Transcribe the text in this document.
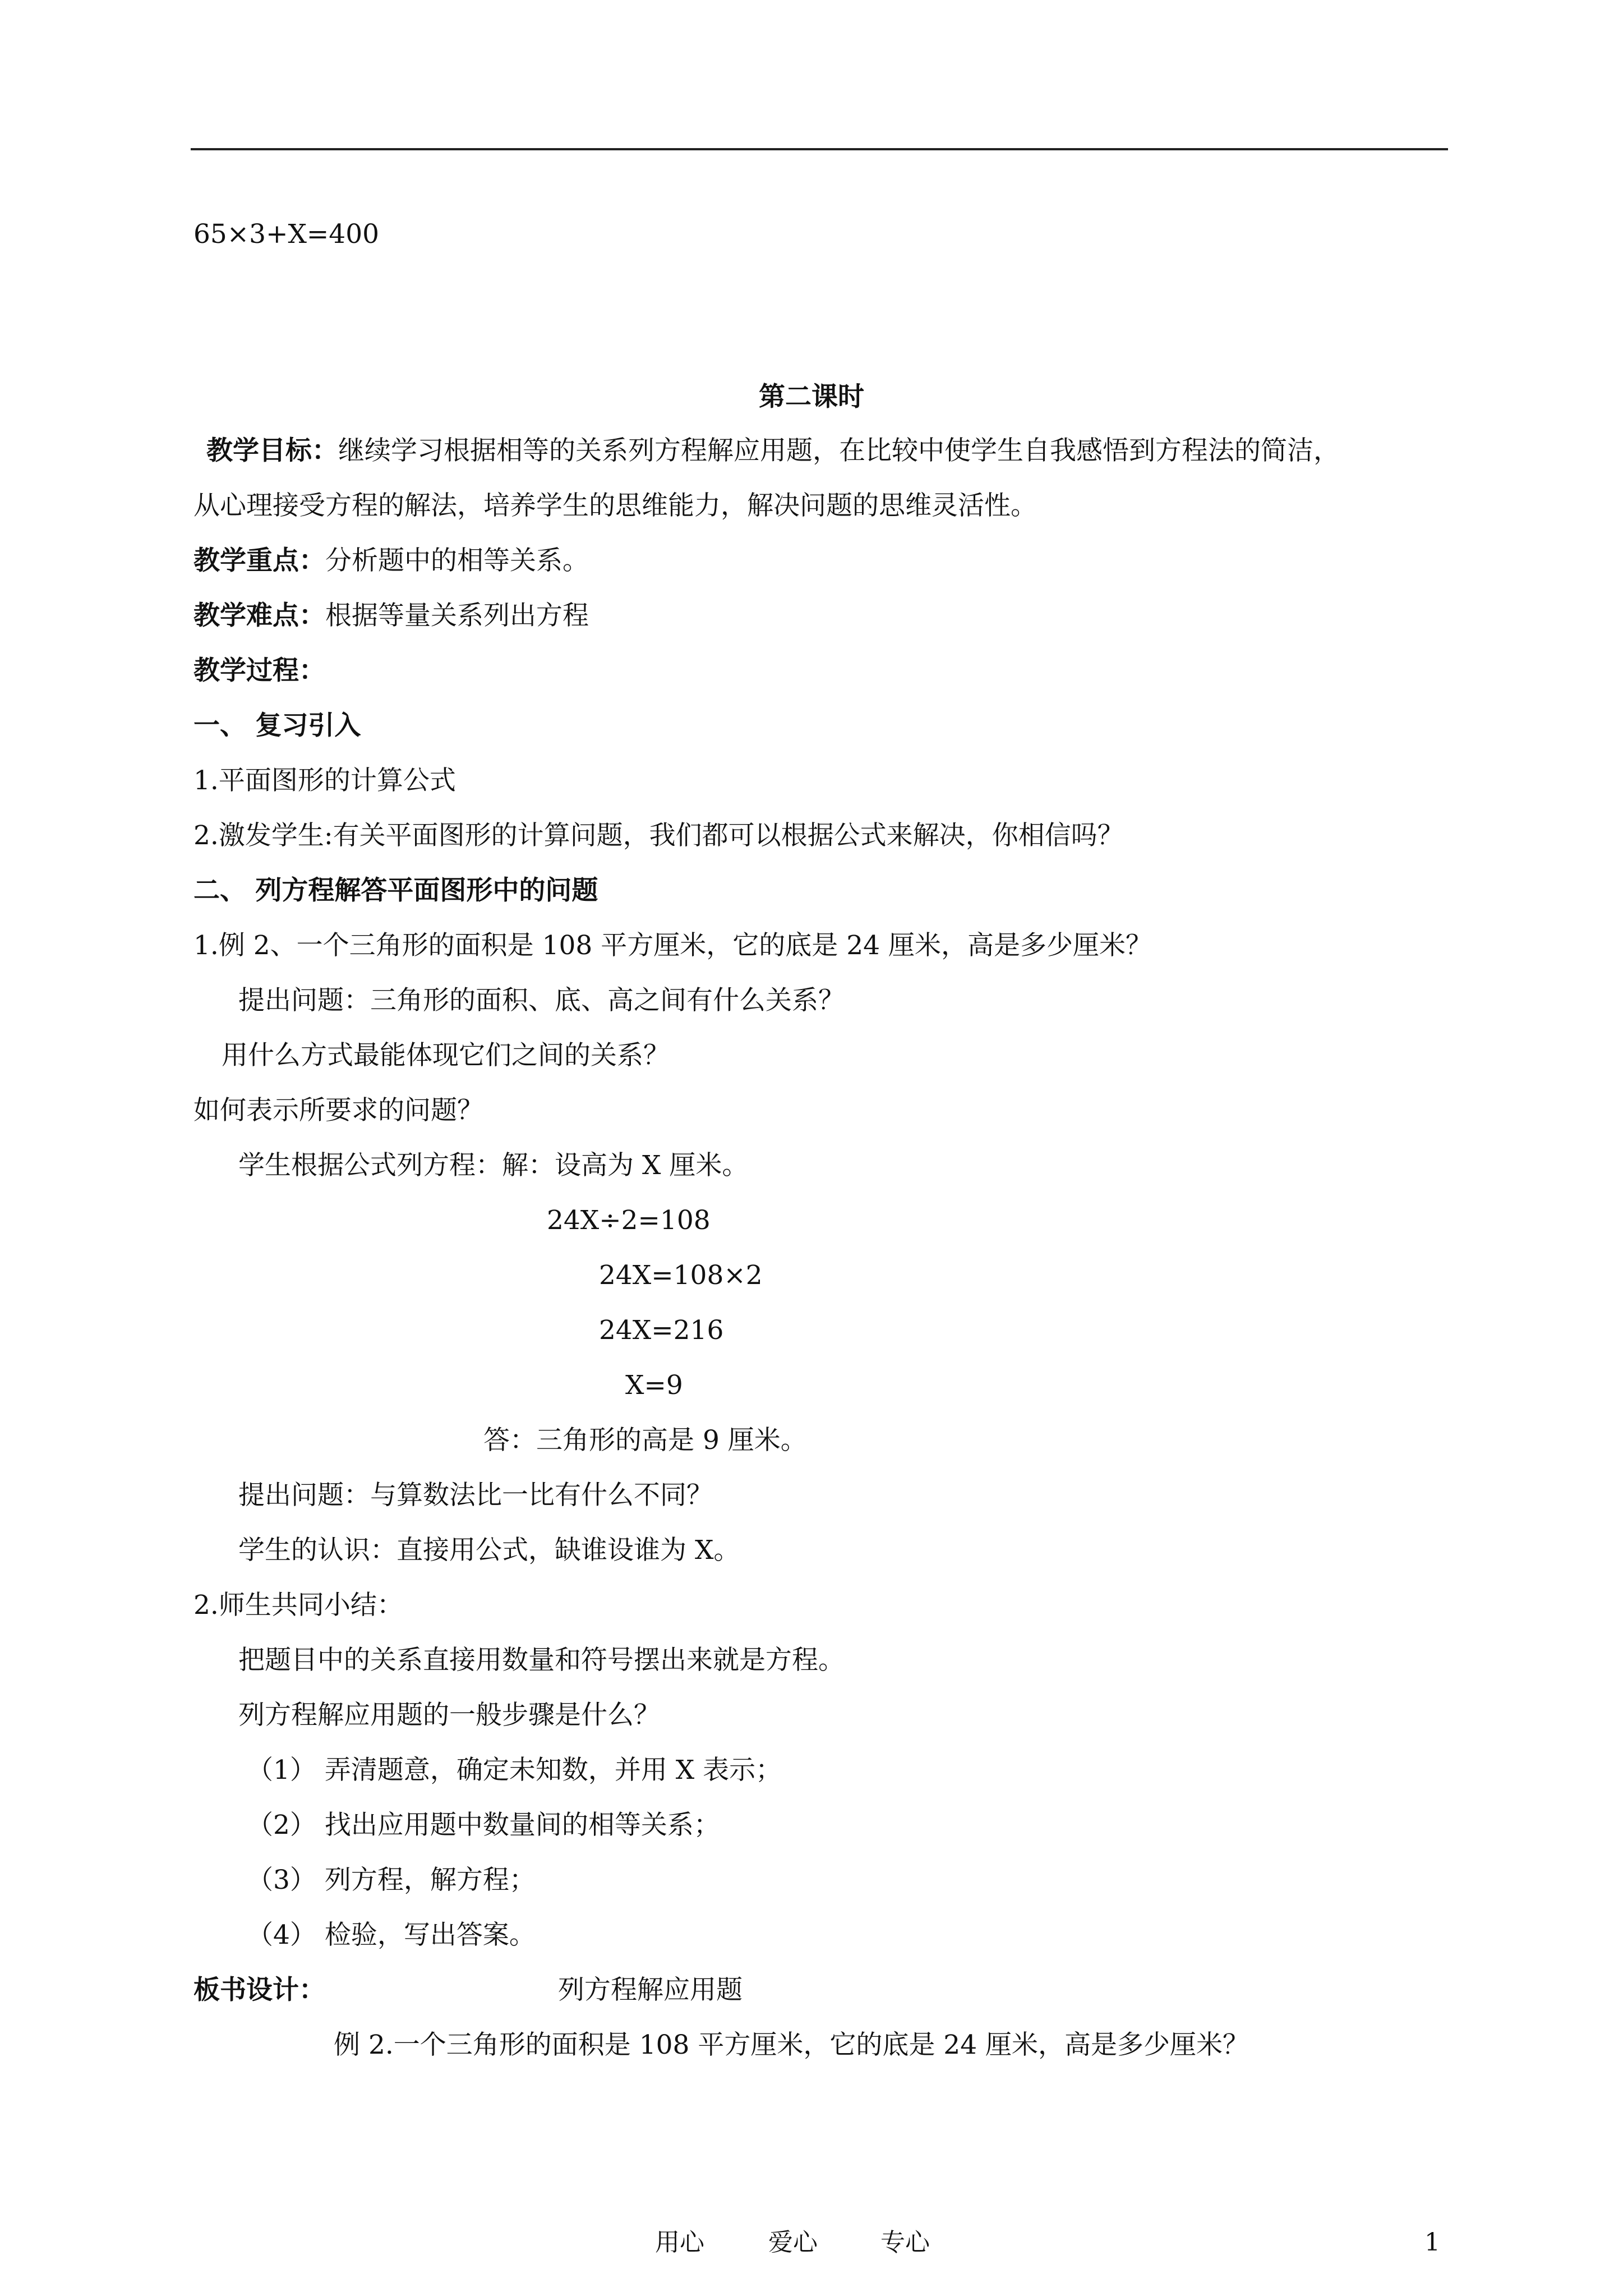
65×3+X=400
第二课时
教学目标：继续学习根据相等的关系列方程解应用题，在比较中使学生自我感悟到方程法的简洁，
从心理接受方程的解法，培养学生的思维能力，解决问题的思维灵活性。
教学重点：分析题中的相等关系。
教学难点：根据等量关系列出方程
教学过程：
一、 复习引入
1.平面图形的计算公式
2.激发学生:有关平面图形的计算问题，我们都可以根据公式来解决，你相信吗？
二、 列方程解答平面图形中的问题
1.例 2、一个三角形的面积是 108 平方厘米，它的底是 24 厘米，高是多少厘米？
提出问题：三角形的面积、底、高之间有什么关系？
用什么方式最能体现它们之间的关系？
如何表示所要求的问题？
学生根据公式列方程：解：设高为 X 厘米。
24X÷2=108
24X=108×2
24X=216
X=9
答：三角形的高是 9 厘米。
提出问题：与算数法比一比有什么不同？
学生的认识：直接用公式，缺谁设谁为 X。
2.师生共同小结：
把题目中的关系直接用数量和符号摆出来就是方程。
列方程解应用题的一般步骤是什么？
（1） 弄清题意，确定未知数，并用 X 表示；
（2） 找出应用题中数量间的相等关系；
（3） 列方程，解方程；
（4） 检验，写出答案。
板书设计：	列方程解应用题
例 2.一个三角形的面积是 108 平方厘米，它的底是 24 厘米，高是多少厘米？
用心	爱心	专心	1
